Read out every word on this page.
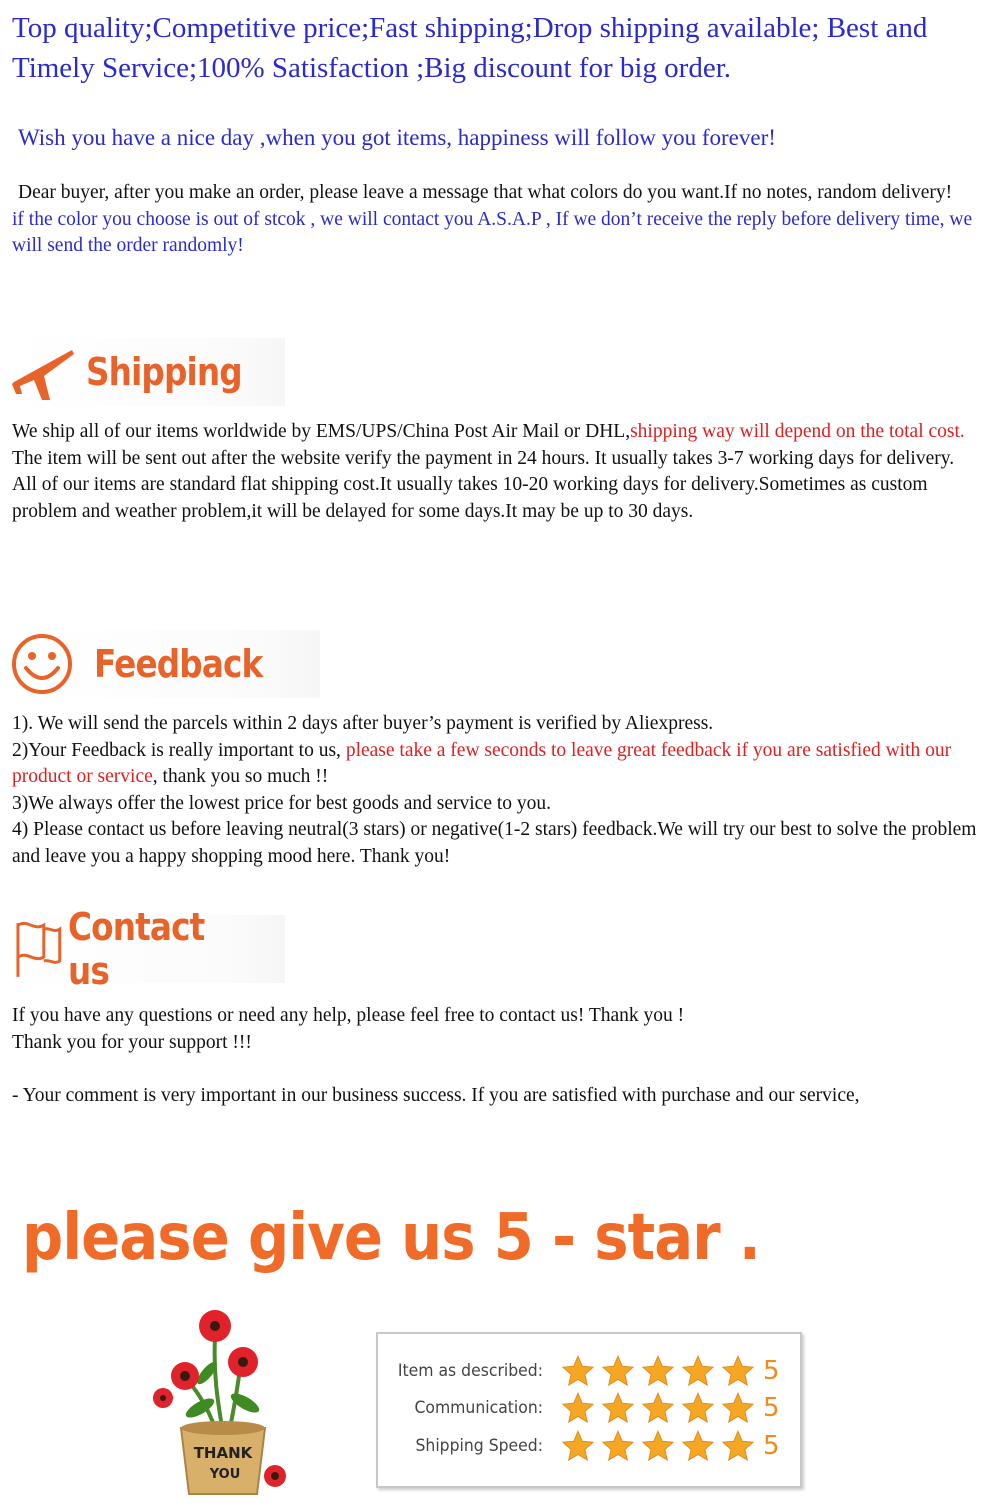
Top quality;Competitive price;Fast shipping;Drop shipping available; Best and Timely Service;100% Satisfaction ;Big discount for big order.
Wish you have a nice day ,when you got items, happiness will follow you forever!
Dear buyer, after you make an order, please leave a message that what colors do you want.If no notes, random delivery!
if the color you choose is out of stcok , we will contact you A.S.A.P , If we don’t receive the reply before delivery time, we will send the order randomly!
Shipping
We ship all of our items worldwide by EMS/UPS/China Post Air Mail or DHL,shipping way will depend on the total cost.
The item will be sent out after the website verify the payment in 24 hours. It usually takes 3-7 working days for delivery.
All of our items are standard flat shipping cost.It usually takes 10-20 working days for delivery.Sometimes as custom problem and weather problem,it will be delayed for some days.It may be up to 30 days.
Feedback
1). We will send the parcels within 2 days after buyer’s payment is verified by Aliexpress.
2)Your Feedback is really important to us, please take a few seconds to leave great feedback if you are satisfied with our product or service, thank you so much !!
3)We always offer the lowest price for best goods and service to you.
4) Please contact us before leaving neutral(3 stars) or negative(1-2 stars) feedback.We will try our best to solve the problem and leave you a happy shopping mood here. Thank you!
Contact us
If you have any questions or need any help, please feel free to contact us! Thank you !
Thank you for your support !!!
- Your comment is very important in our business success. If you are satisfied with purchase and our service,
please give us 5 - star .
THANK
YOU
Item as described:	5
Communication:	5
Shipping Speed:	5
